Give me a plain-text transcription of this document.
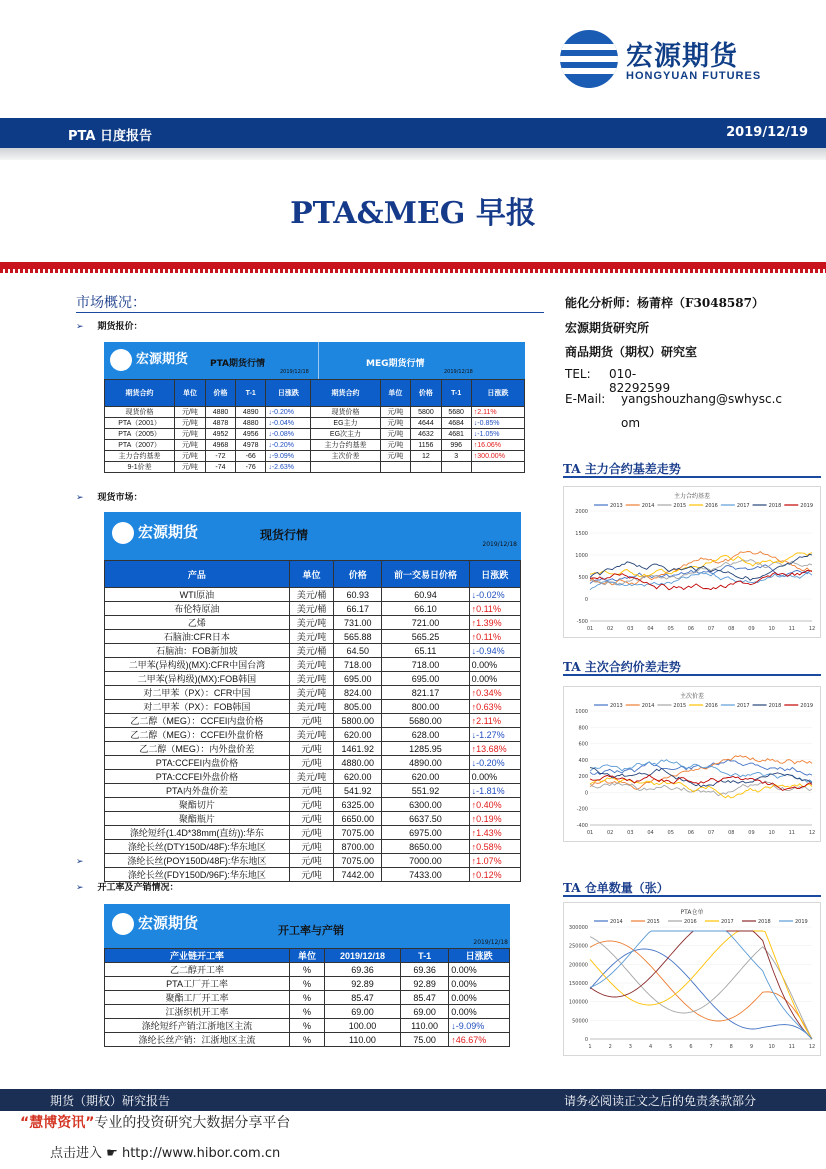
宏源期货
HONGYUAN FUTURES
PTA 日度报告	2019/12/19
PTA&MEG 早报
市场概况：
➢ 期货报价：
宏源期货 PTA期货行情	MEG期货行情
2019/12/18	2019/12/18
期货合约	单位	价格	T-1	日涨跌	期货合约	单位	价格	T-1	日涨跌
现货价格	元/吨	4880	4890	↓-0.20%	现货价格	元/吨	5800	5680	↑2.11%
PTA（2001）	元/吨	4878	4880	↓-0.04%	EG主力	元/吨	4644	4684	↓-0.85%
PTA（2005）	元/吨	4952	4956	↓-0.08%	EG次主力	元/吨	4632	4681	↓-1.05%
PTA（2007）	元/吨	4968	4978	↓-0.20%	主力合约基差	元/吨	1156	996	↑16.06%
主力合约基差	元/吨	-72	-66	↓-9.09%	主次价差	元/吨	12	3	↑300.00%
9-1价差	元/吨	-74	-76	↓-2.63%					
➢ 现货市场：
宏源期货	现货行情
2019/12/18
产品	单位	价格	前一交易日价格	日涨跌
WTI原油	美元/桶	60.93	60.94	↓-0.02%
布伦特原油	美元/桶	66.17	66.10	↑0.11%
乙烯	美元/吨	731.00	721.00	↑1.39%
石脑油:CFR日本	美元/吨	565.88	565.25	↑0.11%
石脑油：FOB新加坡	美元/桶	64.50	65.11	↓-0.94%
二甲苯(异构级)(MX):CFR中国台湾	美元/吨	718.00	718.00	0.00%
二甲苯(异构级)(MX):FOB韩国	美元/吨	695.00	695.00	0.00%
对二甲苯（PX）：CFR中国	美元/吨	824.00	821.17	↑0.34%
对二甲苯（PX）：FOB韩国	美元/吨	805.00	800.00	↑0.63%
乙二醇（MEG）：CCFEI内盘价格	元/吨	5800.00	5680.00	↑2.11%
乙二醇（MEG）：CCFEI外盘价格	美元/吨	620.00	628.00	↓-1.27%
乙二醇（MEG）：内外盘价差	元/吨	1461.92	1285.95	↑13.68%
PTA:CCFEI内盘价格	元/吨	4880.00	4890.00	↓-0.20%
PTA:CCFEI外盘价格	美元/吨	620.00	620.00	0.00%
PTA内外盘价差	元/吨	541.92	551.92	↓-1.81%
聚酯切片	元/吨	6325.00	6300.00	↑0.40%
聚酯瓶片	元/吨	6650.00	6637.50	↑0.19%
涤纶短纤(1.4D*38mm(直纺)):华东	元/吨	7075.00	6975.00	↑1.43%
涤纶长丝(DTY150D/48F):华东地区	元/吨	8700.00	8650.00	↑0.58%
涤纶长丝(POY150D/48F):华东地区	元/吨	7075.00	7000.00	↑1.07%
涤纶长丝(FDY150D/96F):华东地区	元/吨	7442.00	7433.00	↑0.12%
➢
➢ 开工率及产销情况：
宏源期货	开工率与产销
2019/12/18
产业链开工率	单位	2019/12/18	T-1	日涨跌
乙二醇开工率	%	69.36	69.36	0.00%
PTA工厂开工率	%	92.89	92.89	0.00%
聚酯工厂开工率	%	85.47	85.47	0.00%
江浙织机开工率	%	69.00	69.00	0.00%
涤纶短纤产销:江浙地区主流	%	100.00	110.00	↓-9.09%
涤纶长丝产销：江浙地区主流	%	110.00	75.00	↑46.67%
能化分析师：杨莆梓（F3048587）
宏源期货研究所
商品期货（期权）研究室
TEL: 010-82292599
E-Mail: yangshouzhang@swhysc.c
om
TA 主力合约基差走势
主力合约基差
2013	2014	2015	2016	2017	2018	2019
2000
1500
1000
500
0
-500
01	02	03	04	05	06	07	08	09	10	11	12
TA 主次合约价差走势
主次价差
2013	2014	2015	2016	2017	2018	2019
1000
800
600
400
200
0
-200
-400
01	02	03	04	05	06	07	08	09	10	11	12
TA 仓单数量（张）
PTA仓单
2014	2015	2016	2017	2018	2019
300000
250000
200000
150000
100000
50000
0
1	2	3	4	5	6	7	8	9	10	11	12
期货（期权）研究报告	请务必阅读正文之后的免责条款部分
“慧博资讯”专业的投资研究大数据分享平台
点击进入 ☛ http://www.hibor.com.cn
